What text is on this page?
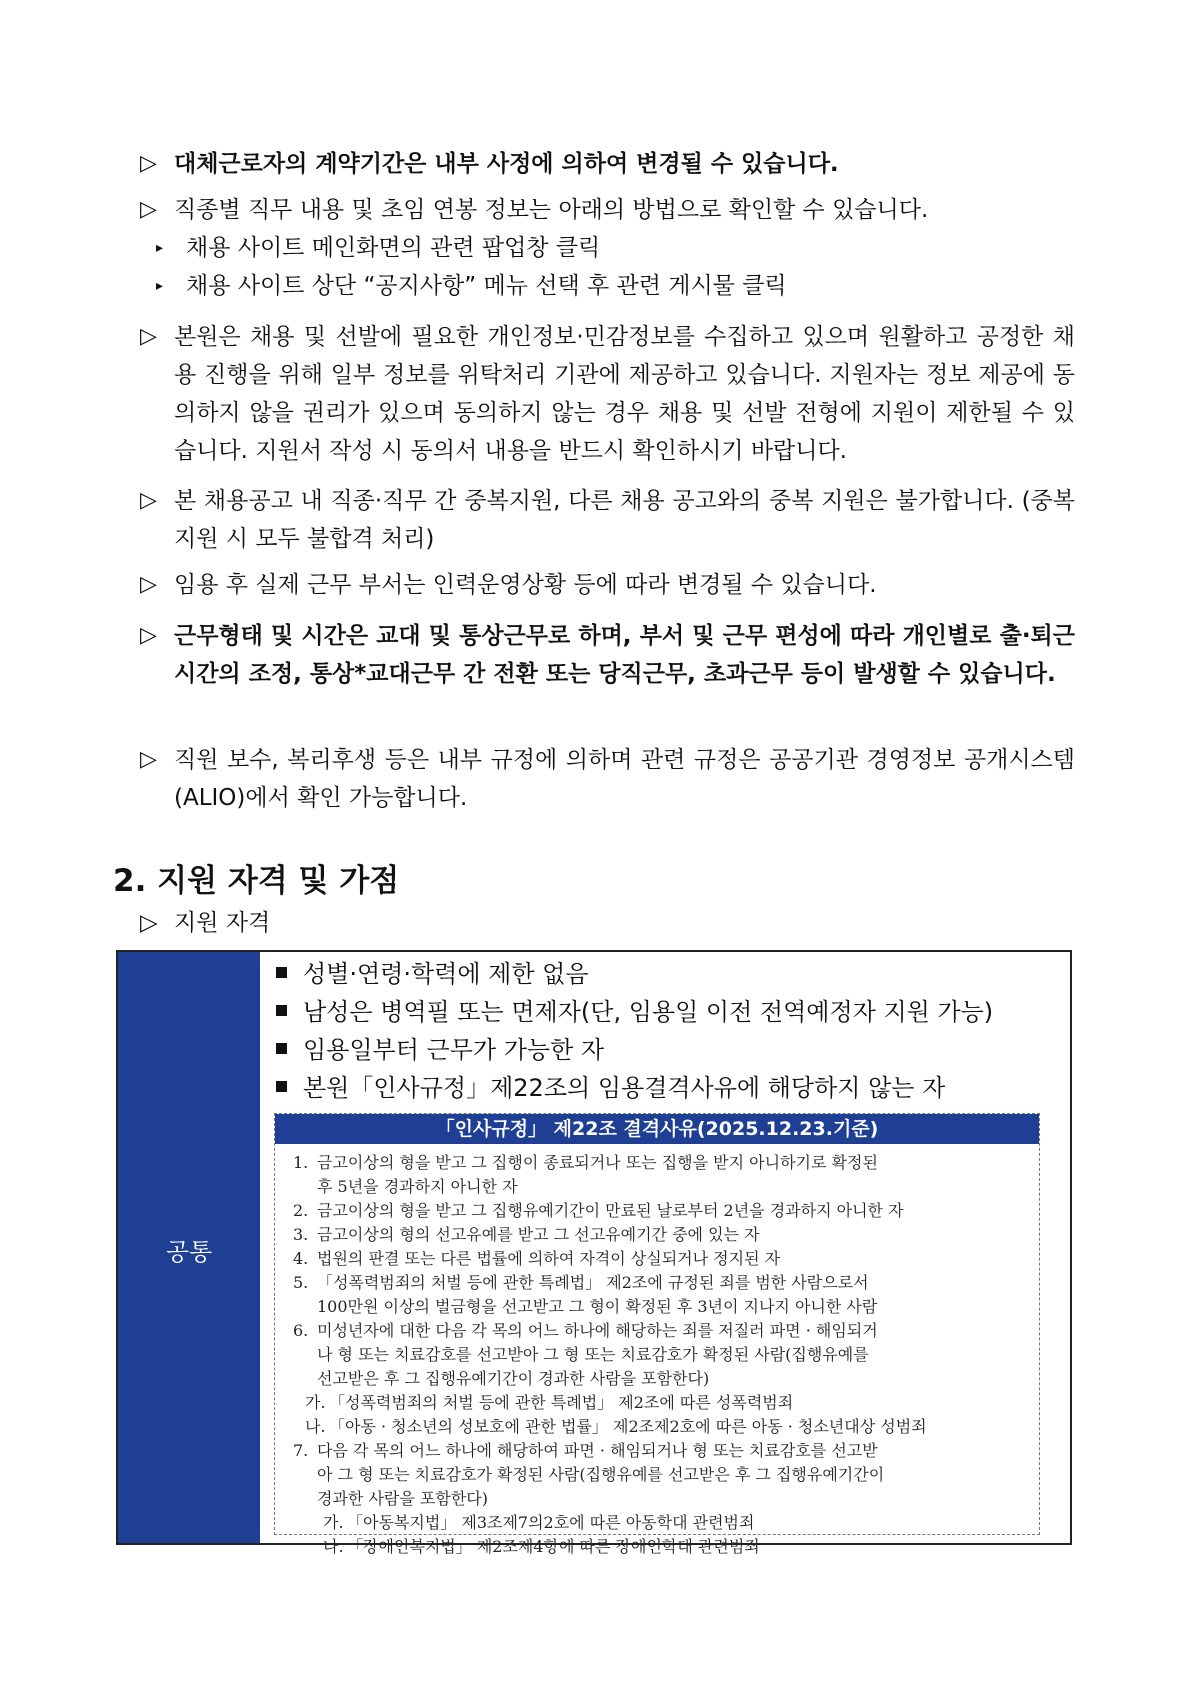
▷ 대체근로자의 계약기간은 내부 사정에 의하여 변경될 수 있습니다.
▷ 직종별 직무 내용 및 초임 연봉 정보는 아래의 방법으로 확인할 수 있습니다.
▸ 채용 사이트 메인화면의 관련 팝업창 클릭
▸ 채용 사이트 상단 “공지사항” 메뉴 선택 후 관련 게시물 클릭
▷ 본원은 채용 및 선발에 필요한 개인정보·민감정보를 수집하고 있으며 원활하고 공정한 채용 진행을 위해 일부 정보를 위탁처리 기관에 제공하고 있습니다. 지원자는 정보 제공에 동의하지 않을 권리가 있으며 동의하지 않는 경우 채용 및 선발 전형에 지원이 제한될 수 있습니다. 지원서 작성 시 동의서 내용을 반드시 확인하시기 바랍니다.
▷ 본 채용공고 내 직종·직무 간 중복지원, 다른 채용 공고와의 중복 지원은 불가합니다. (중복 지원 시 모두 불합격 처리)
▷ 임용 후 실제 근무 부서는 인력운영상황 등에 따라 변경될 수 있습니다.
▷ 근무형태 및 시간은 교대 및 통상근무로 하며, 부서 및 근무 편성에 따라 개인별로 출·퇴근시간의 조정, 통상*교대근무 간 전환 또는 당직근무, 초과근무 등이 발생할 수 있습니다.
▷ 직원 보수, 복리후생 등은 내부 규정에 의하며 관련 규정은 공공기관 경영정보 공개시스템(ALIO)에서 확인 가능합니다.
2. 지원 자격 및 가점
▷ 지원 자격
공통
성별·연령·학력에 제한 없음
남성은 병역필 또는 면제자(단, 임용일 이전 전역예정자 지원 가능)
임용일부터 근무가 가능한 자
본원「인사규정」제22조의 임용결격사유에 해당하지 않는 자
「인사규정」 제22조 결격사유(2025.12.23.기준)
1. 금고이상의 형을 받고 그 집행이 종료되거나 또는 집행을 받지 아니하기로 확정된
후 5년을 경과하지 아니한 자
2. 금고이상의 형을 받고 그 집행유예기간이 만료된 날로부터 2년을 경과하지 아니한 자
3. 금고이상의 형의 선고유예를 받고 그 선고유예기간 중에 있는 자
4. 법원의 판결 또는 다른 법률에 의하여 자격이 상실되거나 정지된 자
5. 「성폭력범죄의 처벌 등에 관한 특례법」 제2조에 규정된 죄를 범한 사람으로서
100만원 이상의 벌금형을 선고받고 그 형이 확정된 후 3년이 지나지 아니한 사람
6. 미성년자에 대한 다음 각 목의 어느 하나에 해당하는 죄를 저질러 파면 · 해임되거
나 형 또는 치료감호를 선고받아 그 형 또는 치료감호가 확정된 사람(집행유예를
선고받은 후 그 집행유예기간이 경과한 사람을 포함한다)
가. 「성폭력범죄의 처벌 등에 관한 특례법」 제2조에 따른 성폭력범죄
나. 「아동 · 청소년의 성보호에 관한 법률」 제2조제2호에 따른 아동 · 청소년대상 성범죄
7. 다음 각 목의 어느 하나에 해당하여 파면 · 해임되거나 형 또는 치료감호를 선고받
아 그 형 또는 치료감호가 확정된 사람(집행유예를 선고받은 후 그 집행유예기간이
경과한 사람을 포함한다)
가. 「아동복지법」 제3조제7의2호에 따른 아동학대 관련범죄
나. 「장애인복지법」 제2조제4항에 따른 장애인학대 관련범죄
